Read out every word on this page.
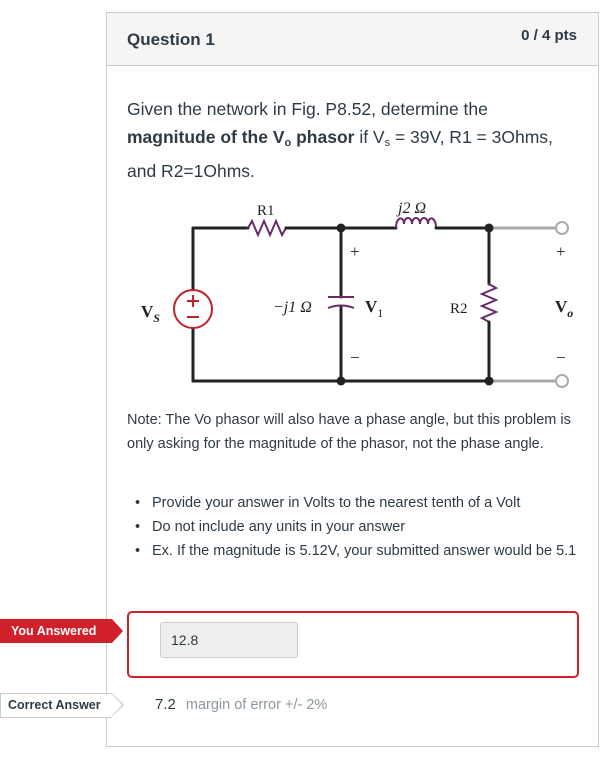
Question 1	0 / 4 pts
Given the network in Fig. P8.52, determine the magnitude of the $V_o$ phasor if $V_s = 39V$, R1 = 3Ohms, and R2=1Ohms.
R1	j2 Ω
−j1 Ω	R2
$V_S$
$V_1$	$V_o$
+
−
+
−
Note: The Vo phasor will also have a phase angle, but this problem is only asking for the magnitude of the phasor, not the phase angle.
• Provide your answer in Volts to the nearest tenth of a Volt
• Do not include any units in your answer
• Ex. If the magnitude is 5.12V, your submitted answer would be 5.1
12.8
7.2 margin of error +/- 2%
You Answered
Correct Answer
